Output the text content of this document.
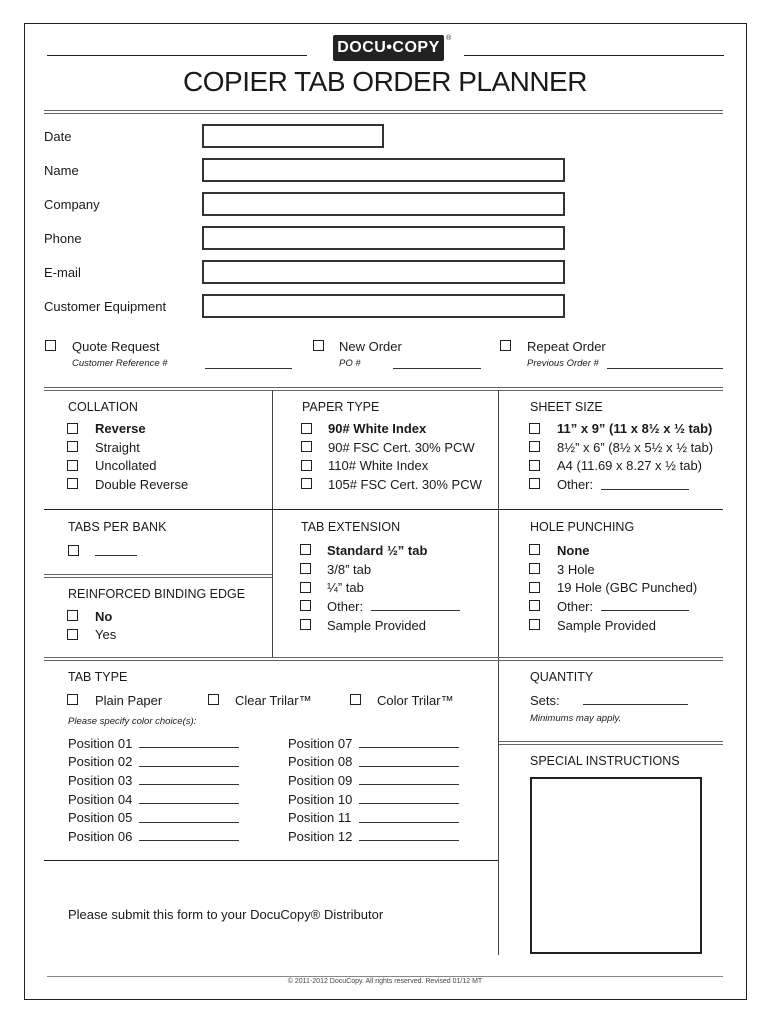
DOCU•COPY
®
COPIER TAB ORDER PLANNER
Date
Name
Company
Phone
E-mail
Customer Equipment
Quote Request
Customer Reference #
New Order
PO #
Repeat Order
Previous Order #
COLLATION
Reverse
Straight
Uncollated
Double Reverse
PAPER TYPE
90# White Index
90# FSC Cert. 30% PCW
110# White Index
105# FSC Cert. 30% PCW
SHEET SIZE
11” x 9” (11 x 8½ x ½ tab)
8½” x 6” (8½ x 5½ x ½ tab)
A4 (11.69 x 8.27 x ½ tab)
Other:
TABS PER BANK
REINFORCED BINDING EDGE
No
Yes
TAB EXTENSION
Standard ½” tab
3/8” tab
¼” tab
Other:
Sample Provided
HOLE PUNCHING
None
3 Hole
19 Hole (GBC Punched)
Other:
Sample Provided
TAB TYPE
Plain Paper	Clear Trilar™	Color Trilar™
Please specify color choice(s):
Position 01
Position 02
Position 03
Position 04
Position 05
Position 06
Position 07
Position 08
Position 09
Position 10
Position 11
Position 12
QUANTITY
Sets:
Minimums may apply.
SPECIAL INSTRUCTIONS
Please submit this form to your DocuCopy® Distributor
© 2011-2012 DocuCopy. All rights reserved. Revised 01/12 MT
